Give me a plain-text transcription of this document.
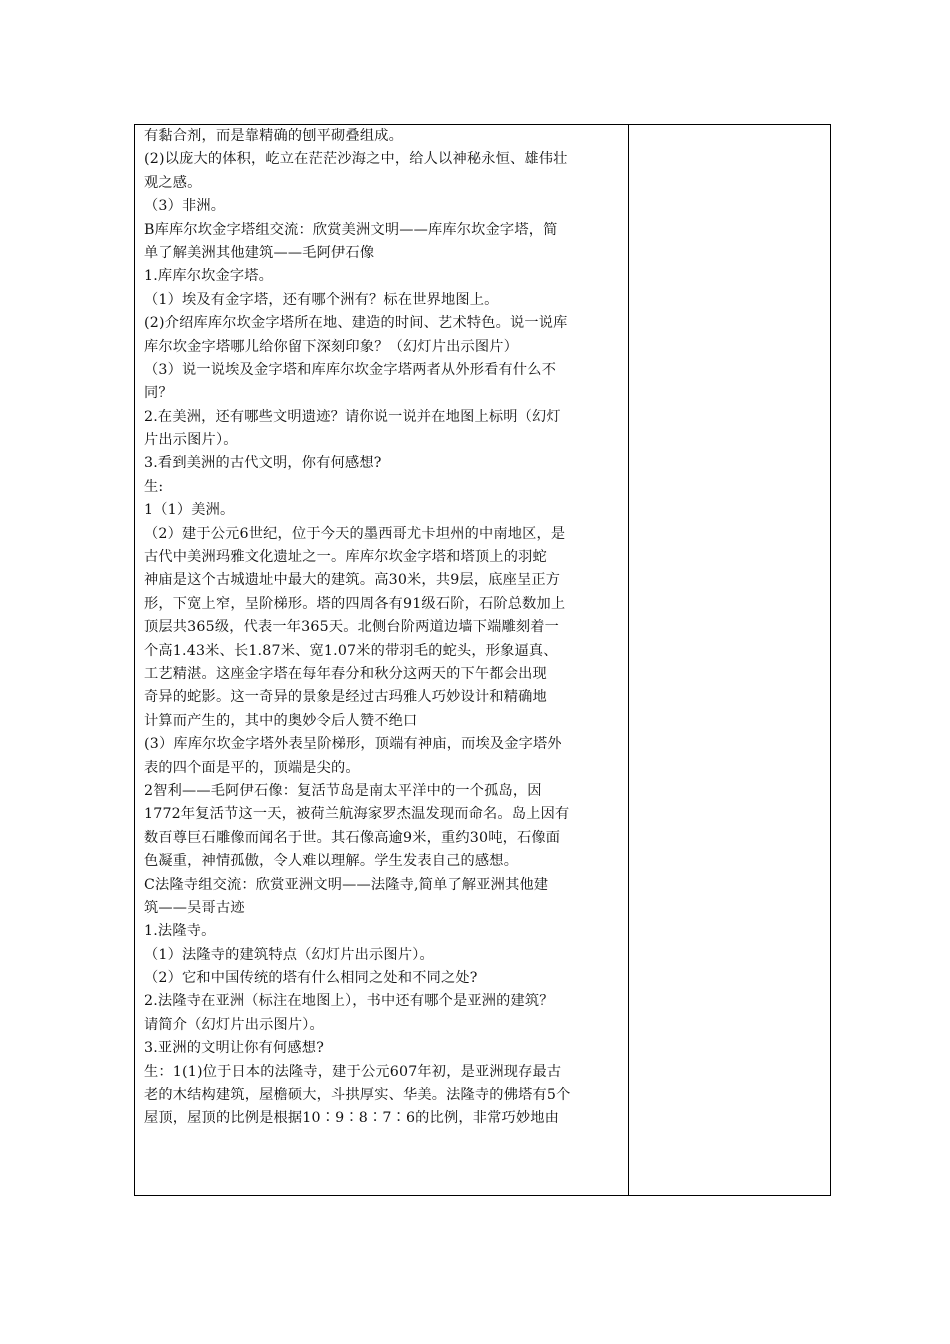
有黏合剂，而是靠精确的刨平砌叠组成。
(2)以庞大的体积，屹立在茫茫沙海之中，给人以神秘永恒、雄伟壮
观之感。
（3）非洲。
B库库尔坎金字塔组交流：欣赏美洲文明——库库尔坎金字塔，简
单了解美洲其他建筑——毛阿伊石像
1.库库尔坎金字塔。
（1）埃及有金字塔，还有哪个洲有？标在世界地图上。
(2)介绍库库尔坎金字塔所在地、建造的时间、艺术特色。说一说库
库尔坎金字塔哪儿给你留下深刻印象？（幻灯片出示图片）
（3）说一说埃及金字塔和库库尔坎金字塔两者从外形看有什么不
同？
2.在美洲，还有哪些文明遗迹？请你说一说并在地图上标明（幻灯
片出示图片）。
3.看到美洲的古代文明，你有何感想?
生:
1（1）美洲。
（2）建于公元6世纪，位于今天的墨西哥尤卡坦州的中南地区，是
古代中美洲玛雅文化遗址之一。库库尔坎金字塔和塔顶上的羽蛇
神庙是这个古城遗址中最大的建筑。高30米，共9层，底座呈正方
形，下宽上窄，呈阶梯形。塔的四周各有91级石阶，石阶总数加上
顶层共365级，代表一年365天。北侧台阶两道边墙下端雕刻着一
个高1.43米、长1.87米、宽1.07米的带羽毛的蛇头，形象逼真、
工艺精湛。这座金字塔在每年春分和秋分这两天的下午都会出现
奇异的蛇影。这一奇异的景象是经过古玛雅人巧妙设计和精确地
计算而产生的，其中的奥妙令后人赞不绝口
(3）库库尔坎金字塔外表呈阶梯形，顶端有神庙，而埃及金字塔外
表的四个面是平的，顶端是尖的。
2智利——毛阿伊石像：复活节岛是南太平洋中的一个孤岛，因
1772年复活节这一天，被荷兰航海家罗杰温发现而命名。岛上因有
数百尊巨石雕像而闻名于世。其石像高逾9米，重约30吨，石像面
色凝重，神情孤傲，令人难以理解。学生发表自己的感想。
C法隆寺组交流：欣赏亚洲文明——法隆寺,简单了解亚洲其他建
筑——吴哥古迹
1.法隆寺。
（1）法隆寺的建筑特点（幻灯片出示图片）。
（2）它和中国传统的塔有什么相同之处和不同之处?
2.法隆寺在亚洲（标注在地图上），书中还有哪个是亚洲的建筑？
请简介（幻灯片出示图片）。
3.亚洲的文明让你有何感想?
生：1(1)位于日本的法隆寺，建于公元607年初，是亚洲现存最古
老的木结构建筑，屋檐硕大，斗拱厚实、华美。法隆寺的佛塔有5个
屋顶，屋顶的比例是根据10∶9∶8∶7∶6的比例，非常巧妙地由
